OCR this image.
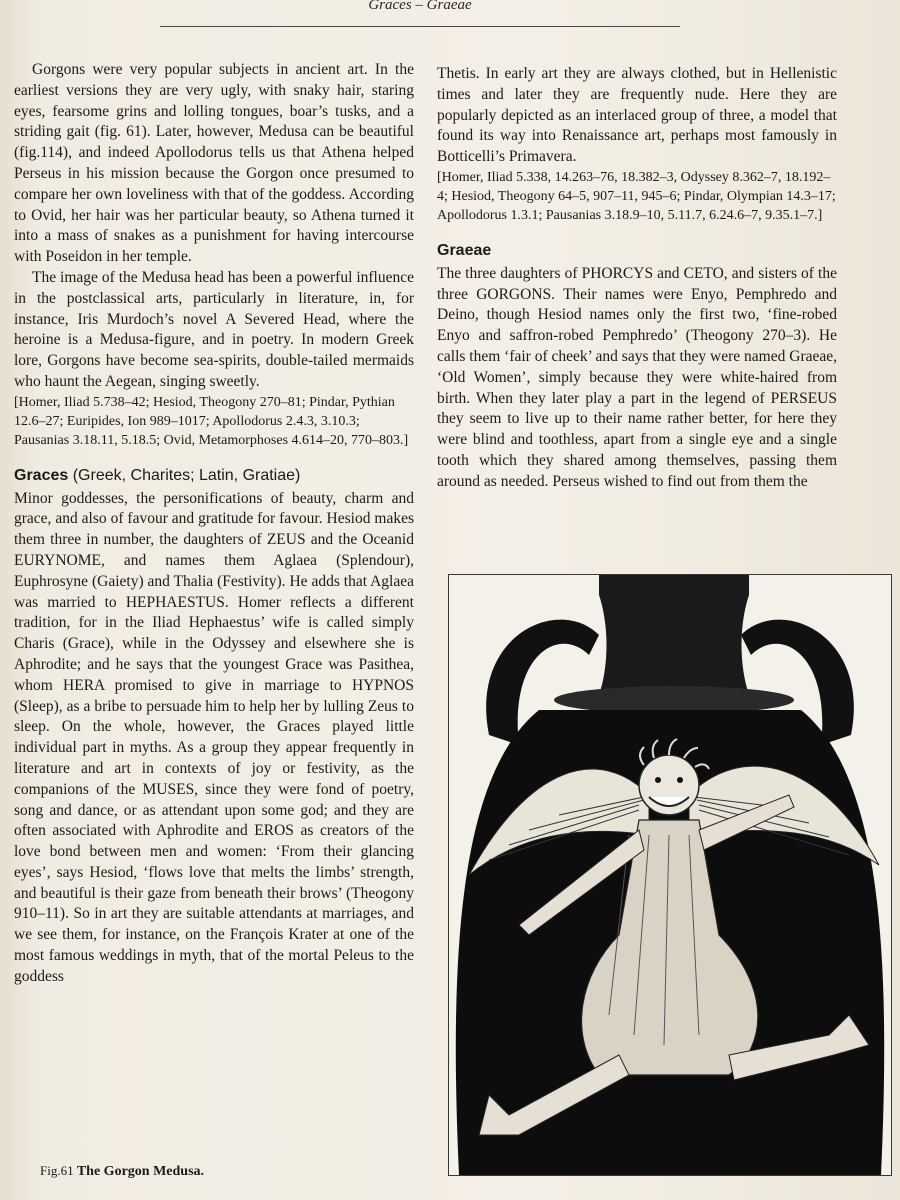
Graces – Graeae

Gorgons were very popular subjects in ancient art. In the earliest versions they are very ugly, with snaky hair, staring eyes, fearsome grins and lolling tongues, boar’s tusks, and a striding gait (fig. 61). Later, however, Medusa can be beautiful (fig.114), and indeed Apollodorus tells us that Athena helped Perseus in his mission because the Gorgon once presumed to compare her own loveliness with that of the goddess. According to Ovid, her hair was her particular beauty, so Athena turned it into a mass of snakes as a punishment for having intercourse with Poseidon in her temple.

The image of the Medusa head has been a powerful influence in the postclassical arts, particularly in literature, in, for instance, Iris Murdoch’s novel A Severed Head, where the heroine is a Medusa-figure, and in poetry. In modern Greek lore, Gorgons have become sea-spirits, double-tailed mermaids who haunt the Aegean, singing sweetly.

[Homer, Iliad 5.738–42; Hesiod, Theogony 270–81; Pindar, Pythian 12.6–27; Euripides, Ion 989–1017; Apollodorus 2.4.3, 3.10.3; Pausanias 3.18.11, 5.18.5; Ovid, Metamorphoses 4.614–20, 770–803.]

Graces (Greek, Charites; Latin, Gratiae)

Minor goddesses, the personifications of beauty, charm and grace, and also of favour and gratitude for favour. Hesiod makes them three in number, the daughters of ZEUS and the Oceanid EURYNOME, and names them Aglaea (Splendour), Euphrosyne (Gaiety) and Thalia (Festivity). He adds that Aglaea was married to HEPHAESTUS. Homer reflects a different tradition, for in the Iliad Hephaestus’ wife is called simply Charis (Grace), while in the Odyssey and elsewhere she is Aphrodite; and he says that the youngest Grace was Pasithea, whom HERA promised to give in marriage to HYPNOS (Sleep), as a bribe to persuade him to help her by lulling Zeus to sleep. On the whole, however, the Graces played little individual part in myths. As a group they appear frequently in literature and art in contexts of joy or festivity, as the companions of the MUSES, since they were fond of poetry, song and dance, or as attendant upon some god; and they are often associated with Aphrodite and EROS as creators of the love bond between men and women: ‘From their glancing eyes’, says Hesiod, ‘flows love that melts the limbs’ strength, and beautiful is their gaze from beneath their brows’ (Theogony 910–11). So in art they are suitable attendants at marriages, and we see them, for instance, on the François Krater at one of the most famous weddings in myth, that of the mortal Peleus to the goddess

Thetis. In early art they are always clothed, but in Hellenistic times and later they are frequently nude. Here they are popularly depicted as an interlaced group of three, a model that found its way into Renaissance art, perhaps most famously in Botticelli’s Primavera.

[Homer, Iliad 5.338, 14.263–76, 18.382–3, Odyssey 8.362–7, 18.192–4; Hesiod, Theogony 64–5, 907–11, 945–6; Pindar, Olympian 14.3–17; Apollodorus 1.3.1; Pausanias 3.18.9–10, 5.11.7, 6.24.6–7, 9.35.1–7.]

Graeae

The three daughters of PHORCYS and CETO, and sisters of the three GORGONS. Their names were Enyo, Pemphredo and Deino, though Hesiod names only the first two, ‘fine-robed Enyo and saffron-robed Pemphredo’ (Theogony 270–3). He calls them ‘fair of cheek’ and says that they were named Graeae, ‘Old Women’, simply because they were white-haired from birth. When they later play a part in the legend of PERSEUS they seem to live up to their name rather better, for here they were blind and toothless, apart from a single eye and a single tooth which they shared among themselves, passing them around as needed. Perseus wished to find out from them the

Fig.61 The Gorgon Medusa.
